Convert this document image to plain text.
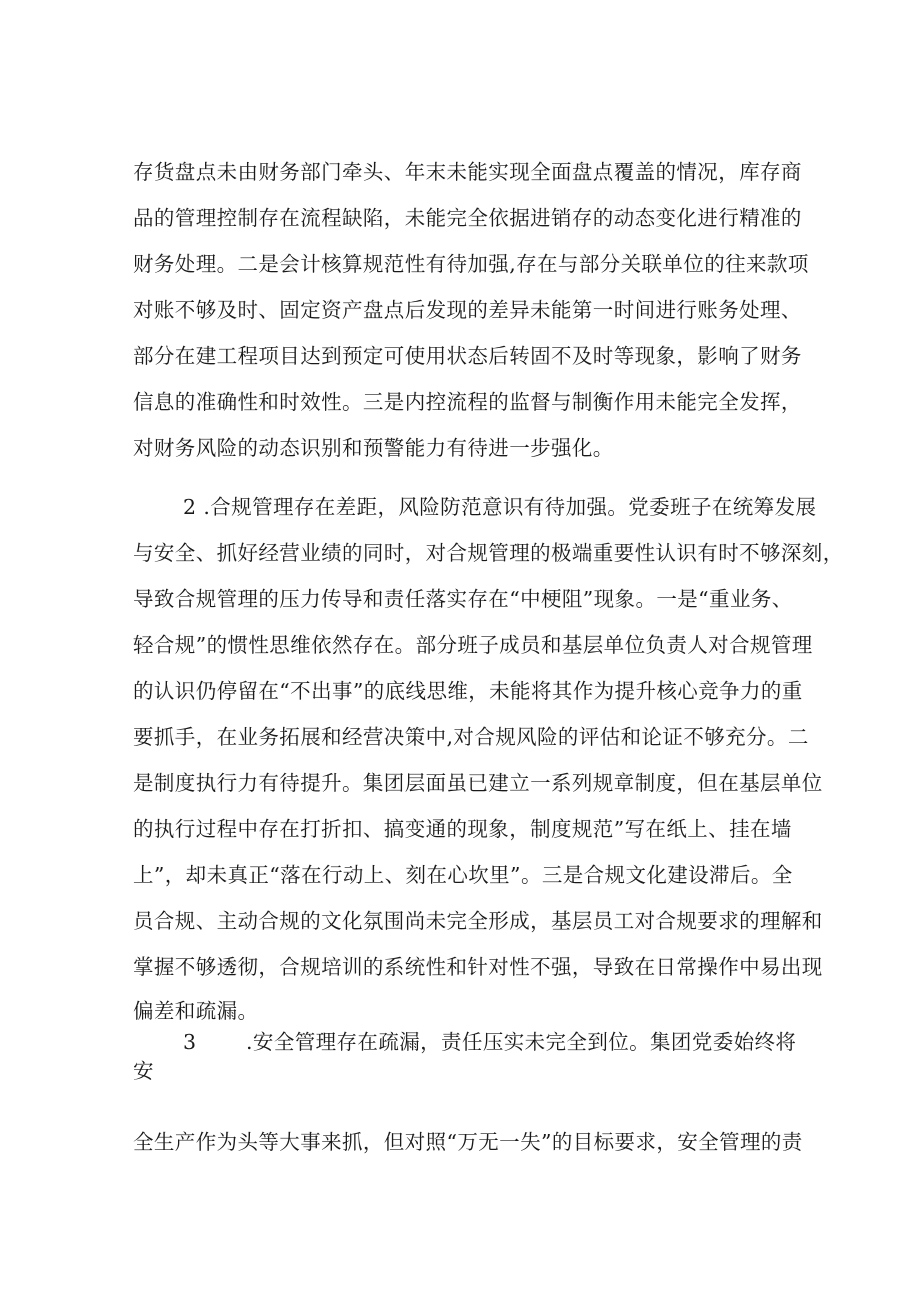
存货盘点未由财务部门牵头、年末未能实现全面盘点覆盖的情况，库存商
品的管理控制存在流程缺陷，未能完全依据进销存的动态变化进行精准的
财务处理。二是会计核算规范性有待加强,存在与部分关联单位的往来款项
对账不够及时、固定资产盘点后发现的差异未能第一时间进行账务处理、
部分在建工程项目达到预定可使用状态后转固不及时等现象，影响了财务
信息的准确性和时效性。三是内控流程的监督与制衡作用未能完全发挥，
对财务风险的动态识别和预警能力有待进一步强化。
2 .合规管理存在差距，风险防范意识有待加强。党委班子在统筹发展
与安全、抓好经营业绩的同时，对合规管理的极端重要性认识有时不够深刻，
导致合规管理的压力传导和责任落实存在“中梗阻”现象。一是“重业务、
轻合规”的惯性思维依然存在。部分班子成员和基层单位负责人对合规管理
的认识仍停留在“不出事”的底线思维，未能将其作为提升核心竞争力的重
要抓手，在业务拓展和经营决策中,对合规风险的评估和论证不够充分。二
是制度执行力有待提升。集团层面虽已建立一系列规章制度，但在基层单位
的执行过程中存在打折扣、搞变通的现象，制度规范”写在纸上、挂在墙
上”，却未真正“落在行动上、刻在心坎里”。三是合规文化建设滞后。全
员合规、主动合规的文化氛围尚未完全形成，基层员工对合规要求的理解和
掌握不够透彻，合规培训的系统性和针对性不强，导致在日常操作中易出现
偏差和疏漏。
3 .安全管理存在疏漏，责任压实未完全到位。集团党委始终将
安
全生产作为头等大事来抓，但对照“万无一失”的目标要求，安全管理的责
